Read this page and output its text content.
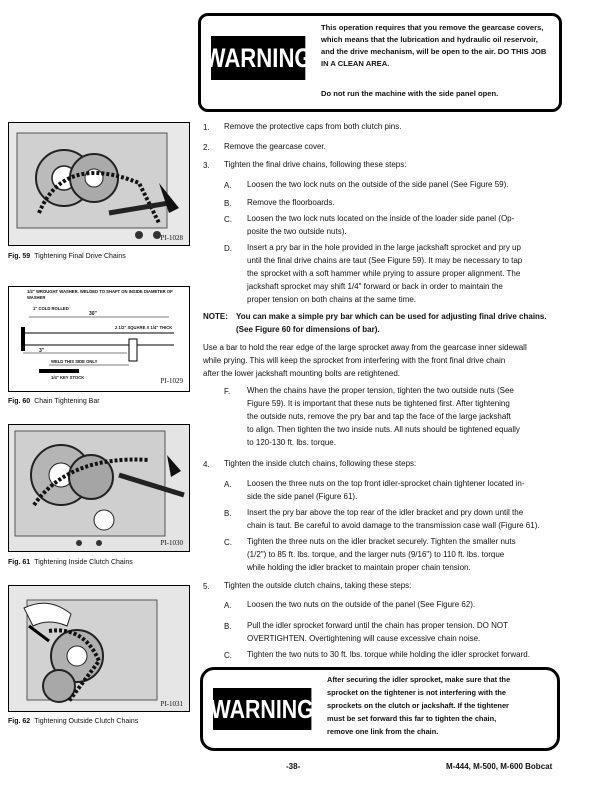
WARNING
This operation requires that you remove the gearcase covers, which means that the lubrication and hydraulic oil reservoir, and the drive mechanism, will be open to the air. DO THIS JOB IN A CLEAN AREA.
Do not run the machine with the side panel open.
PI-1028
Fig. 59 Tightening Final Drive Chains
1/2" WROUGHT WASHER. WELDED TO SHAFT ON INSIDE DIAMETER OF WASHER
1" COLD ROLLED
30"
3"
2 1/2" SQUARE X 1/4" THICK
WELD THIS SIDE ONLY
1/4" KEY STOCK	PI-1029
Fig. 60 Chain Tightening Bar
PI-1030
Fig. 61 Tightening Inside Clutch Chains
PI-1031
Fig. 62 Tightening Outside Clutch Chains
1. Remove the protective caps from both clutch pins.
2. Remove the gearcase cover.
3. Tighten the final drive chains, following these steps:
A. Loosen the two lock nuts on the outside of the side panel (See Figure 59).
B. Remove the floorboards.
C. Loosen the two lock nuts located on the inside of the loader side panel (Op-
posite the two outside nuts).
D. Insert a pry bar in the hole provided in the large jackshaft sprocket and pry up
until the final drive chains are taut (See Figure 59). It may be necessary to tap
the sprocket with a soft hammer while prying to assure proper alignment. The
jackshaft sprocket may shift 1/4" forward or back in order to maintain the
proper tension on both chains at the same time.
NOTE: You can make a simple pry bar which can be used for adjusting final drive chains.
(See Figure 60 for dimensions of bar).
Use a bar to hold the rear edge of the large sprocket away from the gearcase inner sidewall
while prying. This will keep the sprocket from interfering with the front final drive chain
after the lower jackshaft mounting bolts are retightened.
F. When the chains have the proper tension, tighten the two outside nuts (See
Figure 59). It is important that these nuts be tightened first. After tightening
the outside nuts, remove the pry bar and tap the face of the large jackshaft
to align. Then tighten the two inside nuts. All nuts should be tightened equally
to 120-130 ft. lbs. torque.
4. Tighten the inside clutch chains, following these steps:
A. Loosen the three nuts on the top front idler-sprocket chain tightener located in-
side the side panel (Figure 61).
B. Insert the pry bar above the top rear of the idler bracket and pry down until the
chain is taut. Be careful to avoid damage to the transmission case wall (Figure 61).
C. Tighten the three nuts on the idler bracket securely. Tighten the smaller nuts
(1/2") to 85 ft. lbs. torque, and the larger nuts (9/16") to 110 ft. lbs. torque
while holding the idler bracket to maintain proper chain tension.
5. Tighten the outside clutch chains, taking these steps:
A. Loosen the two nuts on the outside of the panel (See Figure 62).
B. Pull the idler sprocket forward until the chain has proper tension. DO NOT
OVERTIGHTEN. Overtightening will cause excessive chain noise.
C. Tighten the two nuts to 30 ft. lbs. torque while holding the idler sprocket forward.
WARNING
After securing the idler sprocket, make sure that the
sprocket on the tightener is not interfering with the
sprockets on the clutch or jackshaft. If the tightener
must be set forward this far to tighten the chain,
remove one link from the chain.
-38-	M-444, M-500, M-600 Bobcat
